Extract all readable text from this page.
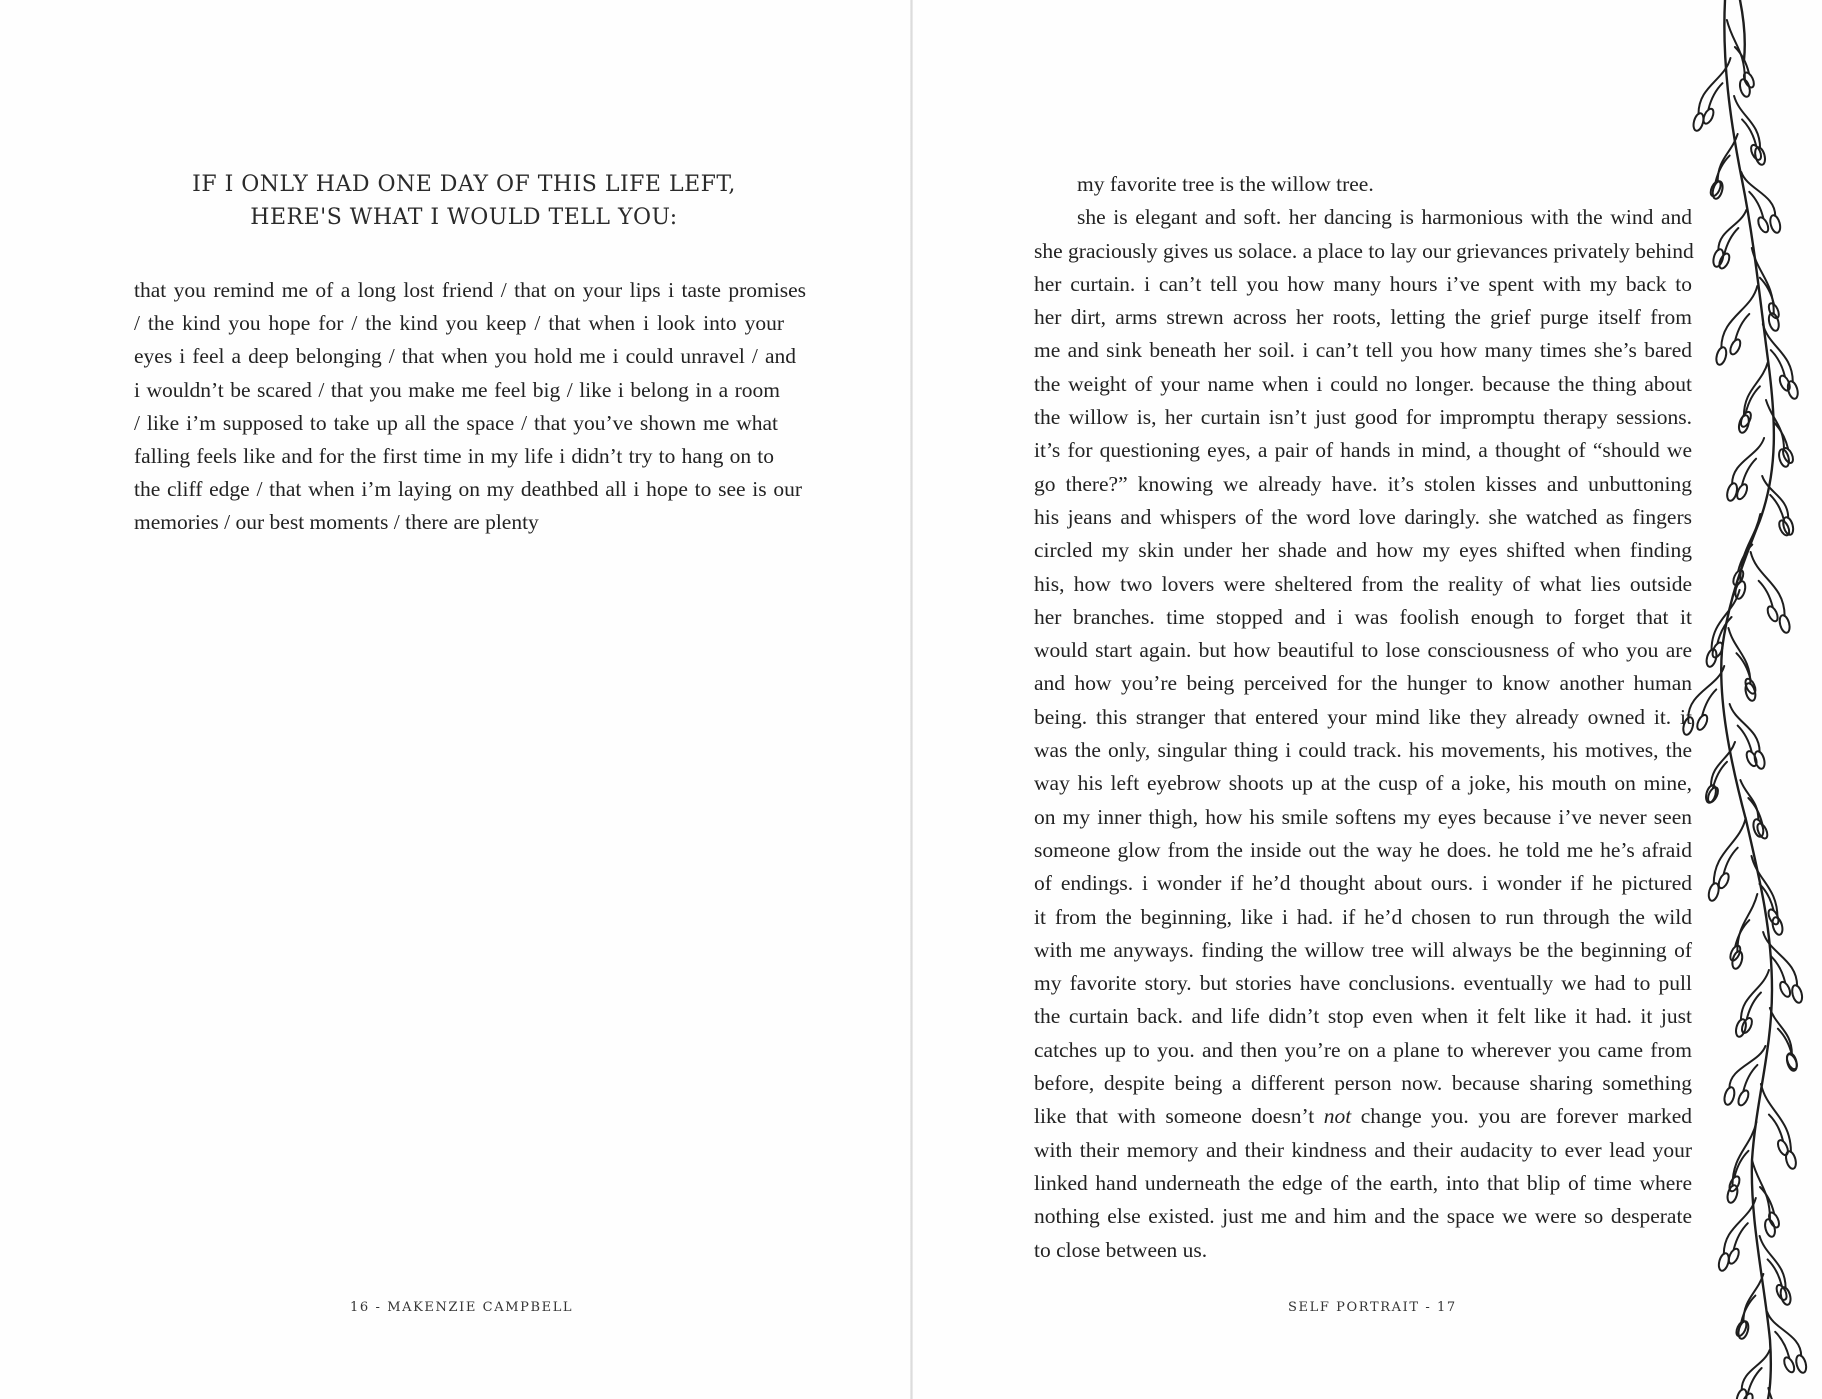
IF I ONLY HAD ONE DAY OF THIS LIFE LEFT,
HERE'S WHAT I WOULD TELL YOU:
that you remind me of a long lost friend / that on your lips i taste promises
/ the kind you hope for / the kind you keep / that when i look into your
eyes i feel a deep belonging / that when you hold me i could unravel / and
i wouldn’t be scared / that you make me feel big / like i belong in a room
/ like i’m supposed to take up all the space / that you’ve shown me what
falling feels like and for the first time in my life i didn’t try to hang on to
the cliff edge / that when i’m laying on my deathbed all i hope to see is our
memories / our best moments / there are plenty
16 - MAKENZIE CAMPBELL
my favorite tree is the willow tree.
she is elegant and soft. her dancing is harmonious with the wind and
she graciously gives us solace. a place to lay our grievances privately behind
her curtain. i can’t tell you how many hours i’ve spent with my back to
her dirt, arms strewn across her roots, letting the grief purge itself from
me and sink beneath her soil. i can’t tell you how many times she’s bared
the weight of your name when i could no longer. because the thing about
the willow is, her curtain isn’t just good for impromptu therapy sessions.
it’s for questioning eyes, a pair of hands in mind, a thought of “should we
go there?” knowing we already have. it’s stolen kisses and unbuttoning
his jeans and whispers of the word love daringly. she watched as fingers
circled my skin under her shade and how my eyes shifted when finding
his, how two lovers were sheltered from the reality of what lies outside
her branches. time stopped and i was foolish enough to forget that it
would start again. but how beautiful to lose consciousness of who you are
and how you’re being perceived for the hunger to know another human
being. this stranger that entered your mind like they already owned it. it
was the only, singular thing i could track. his movements, his motives, the
way his left eyebrow shoots up at the cusp of a joke, his mouth on mine,
on my inner thigh, how his smile softens my eyes because i’ve never seen
someone glow from the inside out the way he does. he told me he’s afraid
of endings. i wonder if he’d thought about ours. i wonder if he pictured
it from the beginning, like i had. if he’d chosen to run through the wild
with me anyways. finding the willow tree will always be the beginning of
my favorite story. but stories have conclusions. eventually we had to pull
the curtain back. and life didn’t stop even when it felt like it had. it just
catches up to you. and then you’re on a plane to wherever you came from
before, despite being a different person now. because sharing something
like that with someone doesn’t not change you. you are forever marked
with their memory and their kindness and their audacity to ever lead your
linked hand underneath the edge of the earth, into that blip of time where
nothing else existed. just me and him and the space we were so desperate
to close between us.
SELF PORTRAIT - 17
